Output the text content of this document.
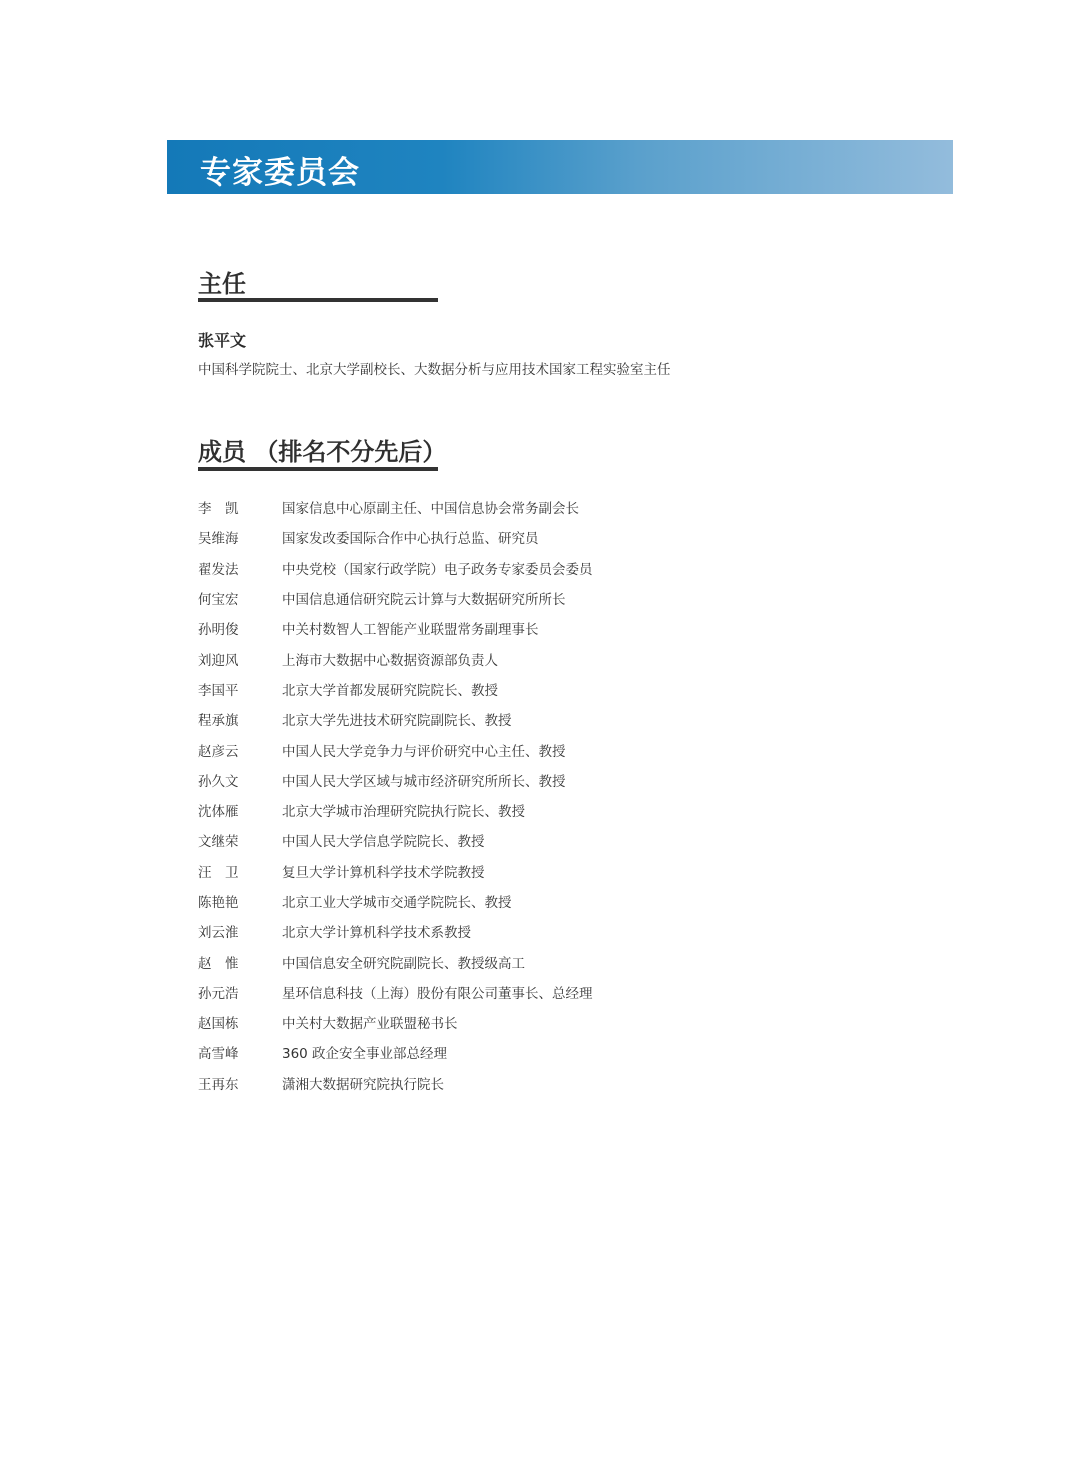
专家委员会
主任
张平文
中国科学院院士、北京大学副校长、大数据分析与应用技术国家工程实验室主任
成员 （排名不分先后）
李　凯	国家信息中心原副主任、中国信息协会常务副会长
吴维海	国家发改委国际合作中心执行总监、研究员
翟发法	中央党校（国家行政学院）电子政务专家委员会委员
何宝宏	中国信息通信研究院云计算与大数据研究所所长
孙明俊	中关村数智人工智能产业联盟常务副理事长
刘迎风	上海市大数据中心数据资源部负责人
李国平	北京大学首都发展研究院院长、教授
程承旗	北京大学先进技术研究院副院长、教授
赵彦云	中国人民大学竞争力与评价研究中心主任、教授
孙久文	中国人民大学区域与城市经济研究所所长、教授
沈体雁	北京大学城市治理研究院执行院长、教授
文继荣	中国人民大学信息学院院长、教授
汪　卫	复旦大学计算机科学技术学院教授
陈艳艳	北京工业大学城市交通学院院长、教授
刘云淮	北京大学计算机科学技术系教授
赵　惟	中国信息安全研究院副院长、教授级高工
孙元浩	星环信息科技（上海）股份有限公司董事长、总经理
赵国栋	中关村大数据产业联盟秘书长
高雪峰	360 政企安全事业部总经理
王再东	潇湘大数据研究院执行院长
